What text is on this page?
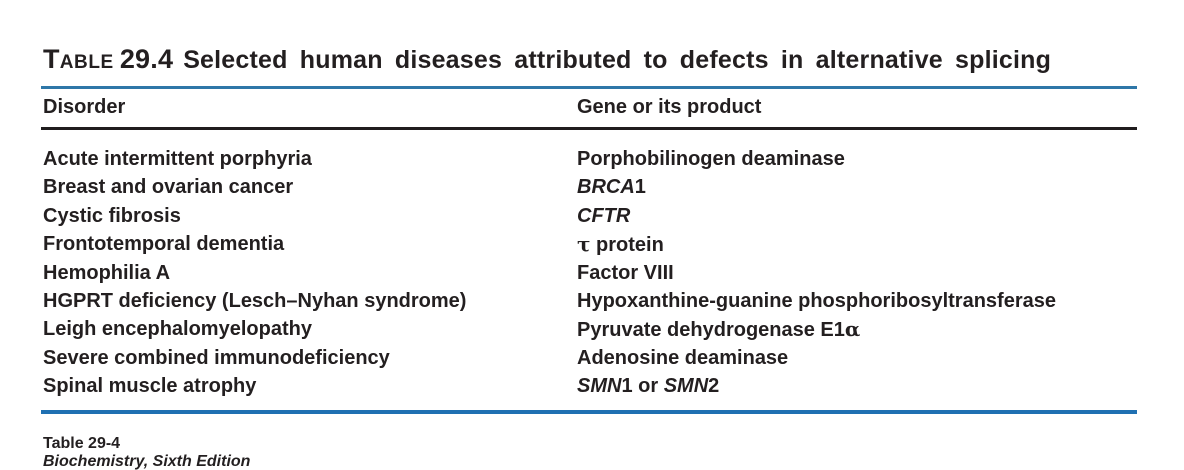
TABLE 29.4 Selected human diseases attributed to defects in alternative splicing
Disorder	Gene or its product
Acute intermittent porphyria	Porphobilinogen deaminase
Breast and ovarian cancer	BRCA1
Cystic fibrosis	CFTR
Frontotemporal dementia	τ protein
Hemophilia A	Factor VIII
HGPRT deficiency (Lesch–Nyhan syndrome)	Hypoxanthine-guanine phosphoribosyltransferase
Leigh encephalomyelopathy	Pyruvate dehydrogenase E1α
Severe combined immunodeficiency	Adenosine deaminase
Spinal muscle atrophy	SMN1 or SMN2
Table 29-4
Biochemistry, Sixth Edition
